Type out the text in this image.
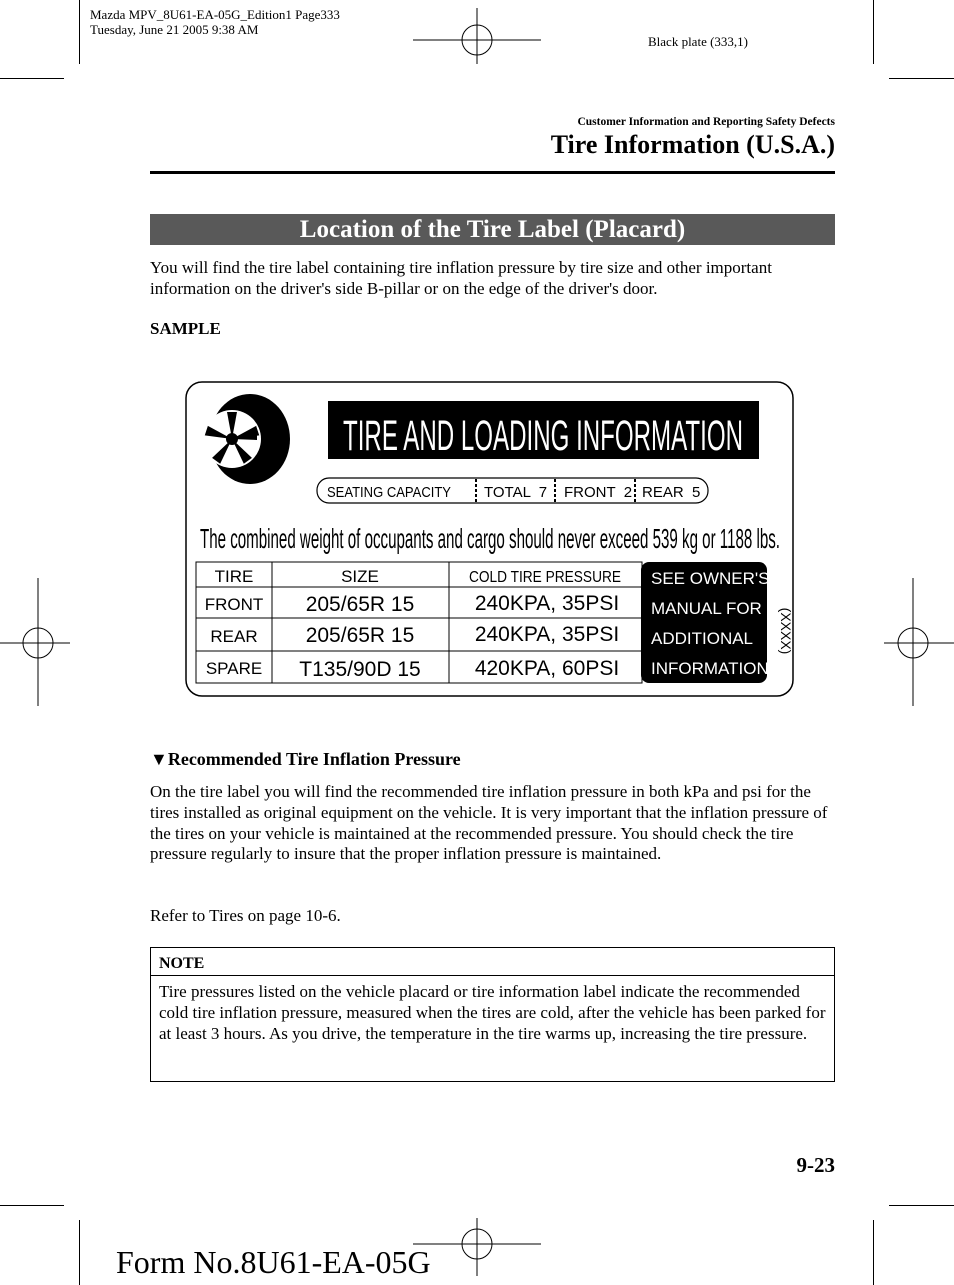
Mazda MPV_8U61-EA-05G_Edition1 Page333
Tuesday, June 21 2005 9:38 AM
Black plate (333,1)
Customer Information and Reporting Safety Defects
Tire Information (U.S.A.)
Location of the Tire Label (Placard)
You will find the tire label containing tire inflation pressure by tire size and other important information on the driver's side B-pillar or on the edge of the driver's door.
SAMPLE
TIRE AND LOADING INFORMATION
SEATING CAPACITY TOTAL  7 FRONT  2 REAR  5
The combined weight of occupants and cargo should never exceed 539 kg or 1188 lbs.
TIRE	SIZE	COLD TIRE PRESSURE
FRONT 205/65R 15	240KPA, 35PSI
REAR 205/65R 15	240KPA, 35PSI
SPARE T135/90D 15	420KPA, 60PSI
SEE OWNER'S
MANUAL FOR
ADDITIONAL
INFORMATION
(XXXX)
▼Recommended Tire Inflation Pressure
On the tire label you will find the recommended tire inflation pressure in both kPa and psi for the tires installed as original equipment on the vehicle. It is very important that the inflation pressure of the tires on your vehicle is maintained at the recommended pressure. You should check the tire pressure regularly to insure that the proper inflation pressure is maintained.
Refer to Tires on page 10-6.
NOTE
Tire pressures listed on the vehicle placard or tire information label indicate the recommended cold tire inflation pressure, measured when the tires are cold, after the vehicle has been parked for at least 3 hours. As you drive, the temperature in the tire warms up, increasing the tire pressure.
9-23
Form No.8U61-EA-05G
